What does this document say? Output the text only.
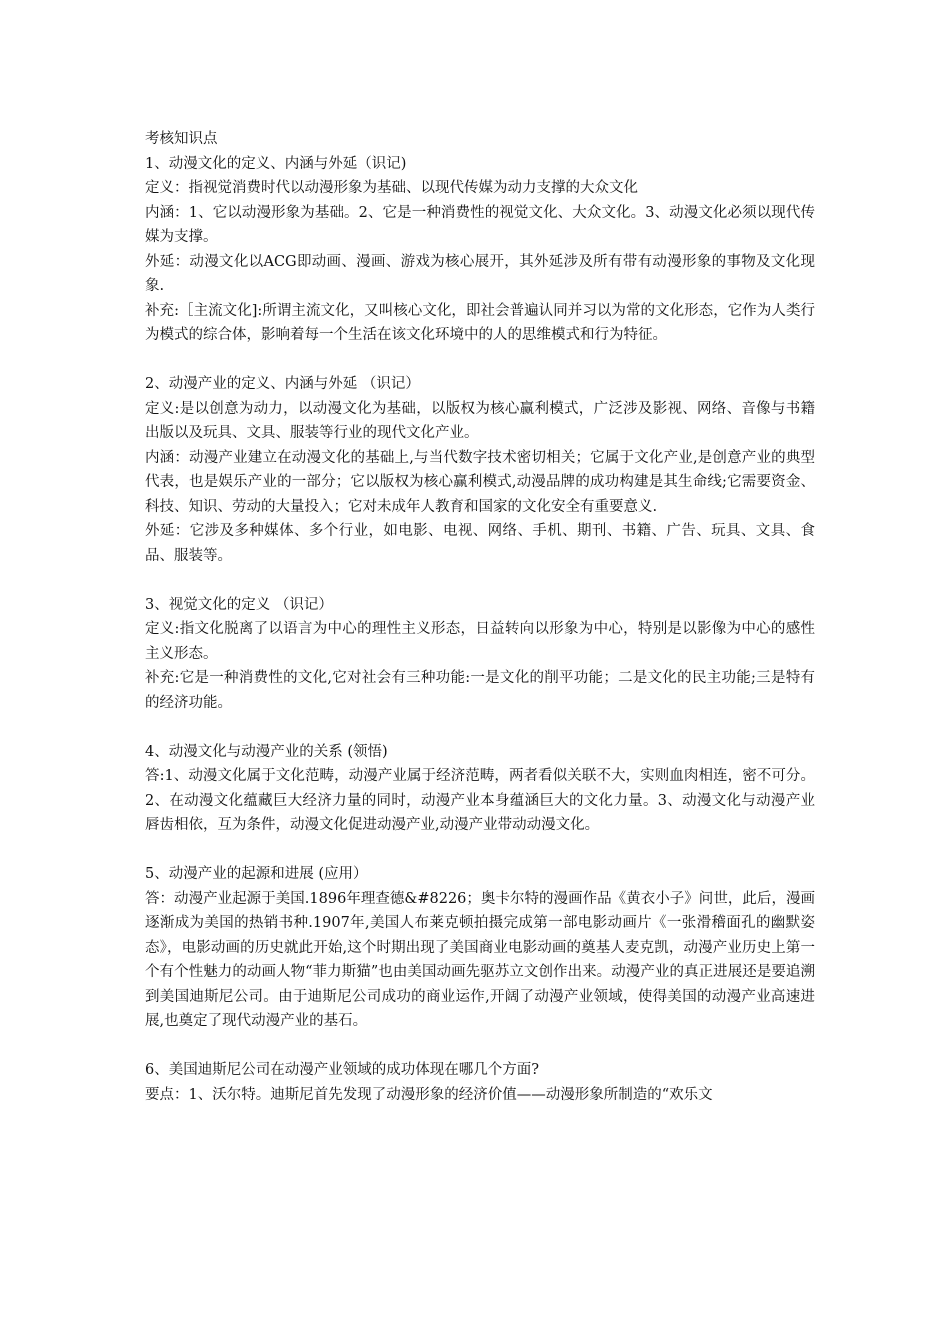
考核知识点

1、动漫文化的定义、内涵与外延（识记)

定义：指视觉消费时代以动漫形象为基础、以现代传媒为动力支撑的大众文化

内涵：1、它以动漫形象为基础。2、它是一种消费性的视觉文化、大众文化。3、动漫文化必须以现代传媒为支撑。

外延：动漫文化以ACG即动画、漫画、游戏为核心展开，其外延涉及所有带有动漫形象的事物及文化现象.

补充:［主流文化]:所谓主流文化，又叫核心文化，即社会普遍认同并习以为常的文化形态，它作为人类行为模式的综合体，影响着每一个生活在该文化环境中的人的思维模式和行为特征。

2、动漫产业的定义、内涵与外延 （识记）

定义:是以创意为动力，以动漫文化为基础，以版权为核心赢利模式，广泛涉及影视、网络、音像与书籍出版以及玩具、文具、服装等行业的现代文化产业。

内涵：动漫产业建立在动漫文化的基础上,与当代数字技术密切相关；它属于文化产业,是创意产业的典型代表，也是娱乐产业的一部分；它以版权为核心赢利模式,动漫品牌的成功构建是其生命线;它需要资金、科技、知识、劳动的大量投入；它对未成年人教育和国家的文化安全有重要意义.

外延：它涉及多种媒体、多个行业，如电影、电视、网络、手机、期刊、书籍、广告、玩具、文具、食品、服装等。

3、视觉文化的定义 （识记）

定义:指文化脱离了以语言为中心的理性主义形态，日益转向以形象为中心，特别是以影像为中心的感性主义形态。

补充:它是一种消费性的文化,它对社会有三种功能:一是文化的削平功能；二是文化的民主功能;三是特有的经济功能。

4、动漫文化与动漫产业的关系 (领悟)

答:1、动漫文化属于文化范畴，动漫产业属于经济范畴，两者看似关联不大，实则血肉相连，密不可分。2、在动漫文化蕴藏巨大经济力量的同时，动漫产业本身蕴涵巨大的文化力量。3、动漫文化与动漫产业唇齿相依，互为条件，动漫文化促进动漫产业,动漫产业带动动漫文化。

5、动漫产业的起源和进展 (应用）

答：动漫产业起源于美国.1896年理查德&#8226；奥卡尔特的漫画作品《黄衣小子》问世，此后，漫画逐渐成为美国的热销书种.1907年,美国人布莱克顿拍摄完成第一部电影动画片《一张滑稽面孔的幽默姿态》，电影动画的历史就此开始,这个时期出现了美国商业电影动画的奠基人麦克凯，动漫产业历史上第一个有个性魅力的动画人物“菲力斯猫”也由美国动画先驱苏立文创作出来。动漫产业的真正进展还是要追溯到美国迪斯尼公司。由于迪斯尼公司成功的商业运作,开阔了动漫产业领域，使得美国的动漫产业高速进展,也奠定了现代动漫产业的基石。

6、美国迪斯尼公司在动漫产业领域的成功体现在哪几个方面?

要点：1、沃尔特。迪斯尼首先发现了动漫形象的经济价值——动漫形象所制造的“欢乐文
